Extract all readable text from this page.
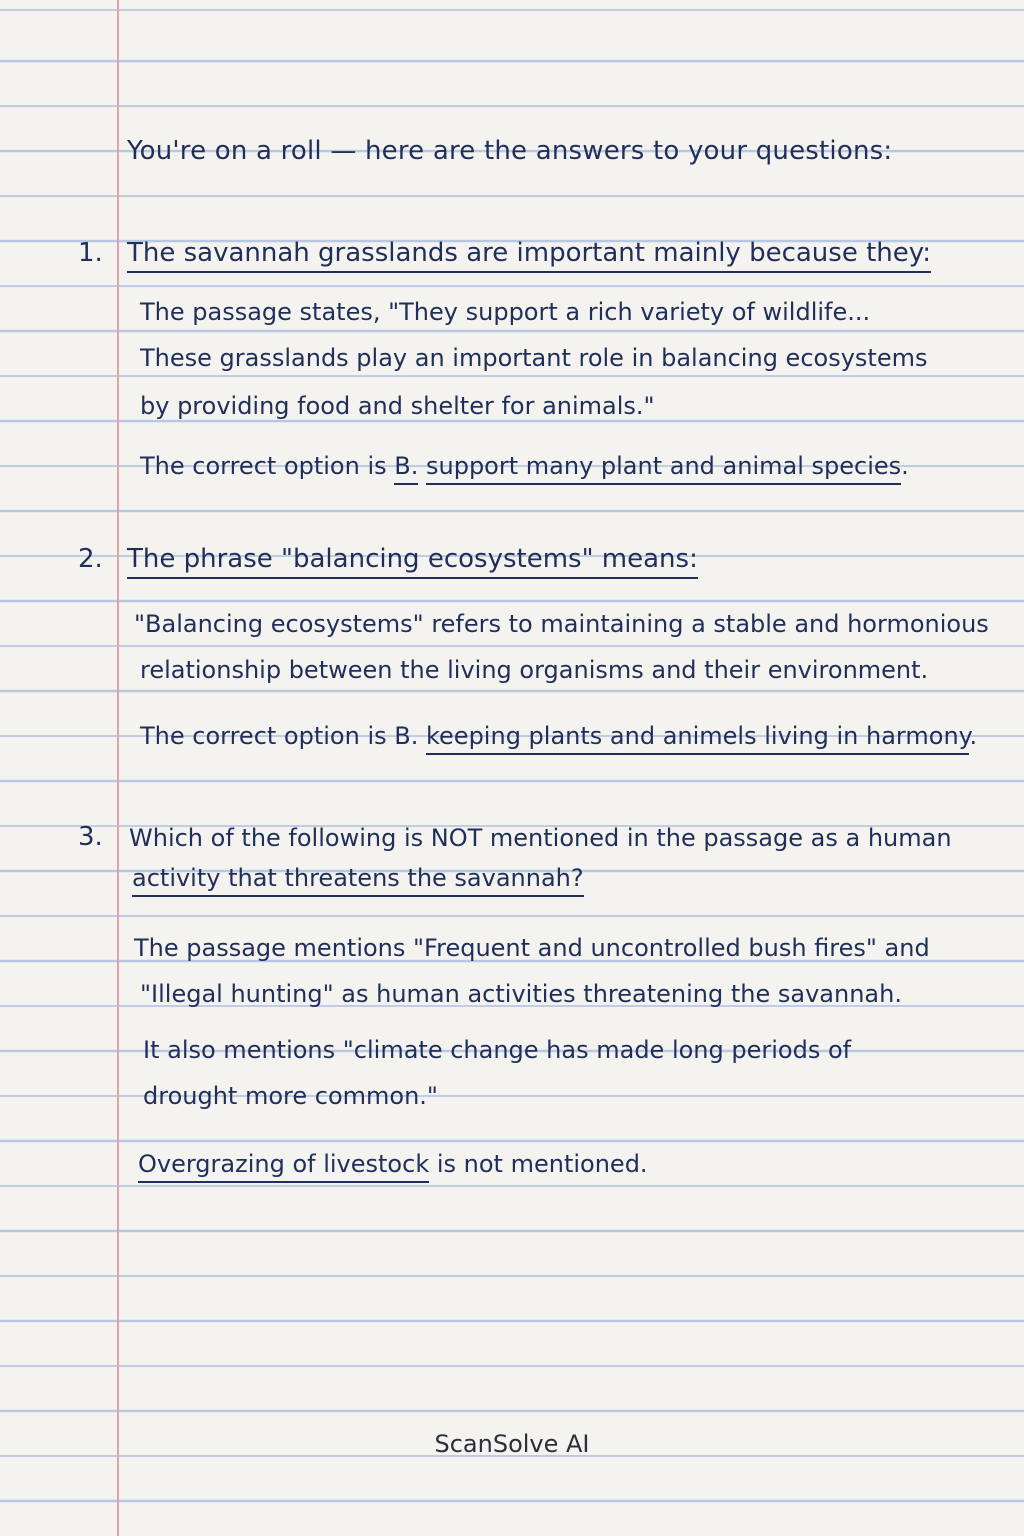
You're on a roll — here are the answers to your questions:
1. The savannah grasslands are important mainly because they:
The passage states, "They support a rich variety of wildlife...
These grasslands play an important role in balancing ecosystems
by providing food and shelter for animals."
The correct option is B. support many plant and animal species.
2. The phrase "balancing ecosystems" means:
"Balancing ecosystems" refers to maintaining a stable and hormonious
relationship between the living organisms and their environment.
The correct option is B. keeping plants and animels living in harmony.
3. Which of the following is NOT mentioned in the passage as a human
activity that threatens the savannah?
The passage mentions "Frequent and uncontrolled bush fires" and
"Illegal hunting" as human activities threatening the savannah.
It also mentions "climate change has made long periods of
drought more common."
Overgrazing of livestock is not mentioned.
ScanSolve AI
